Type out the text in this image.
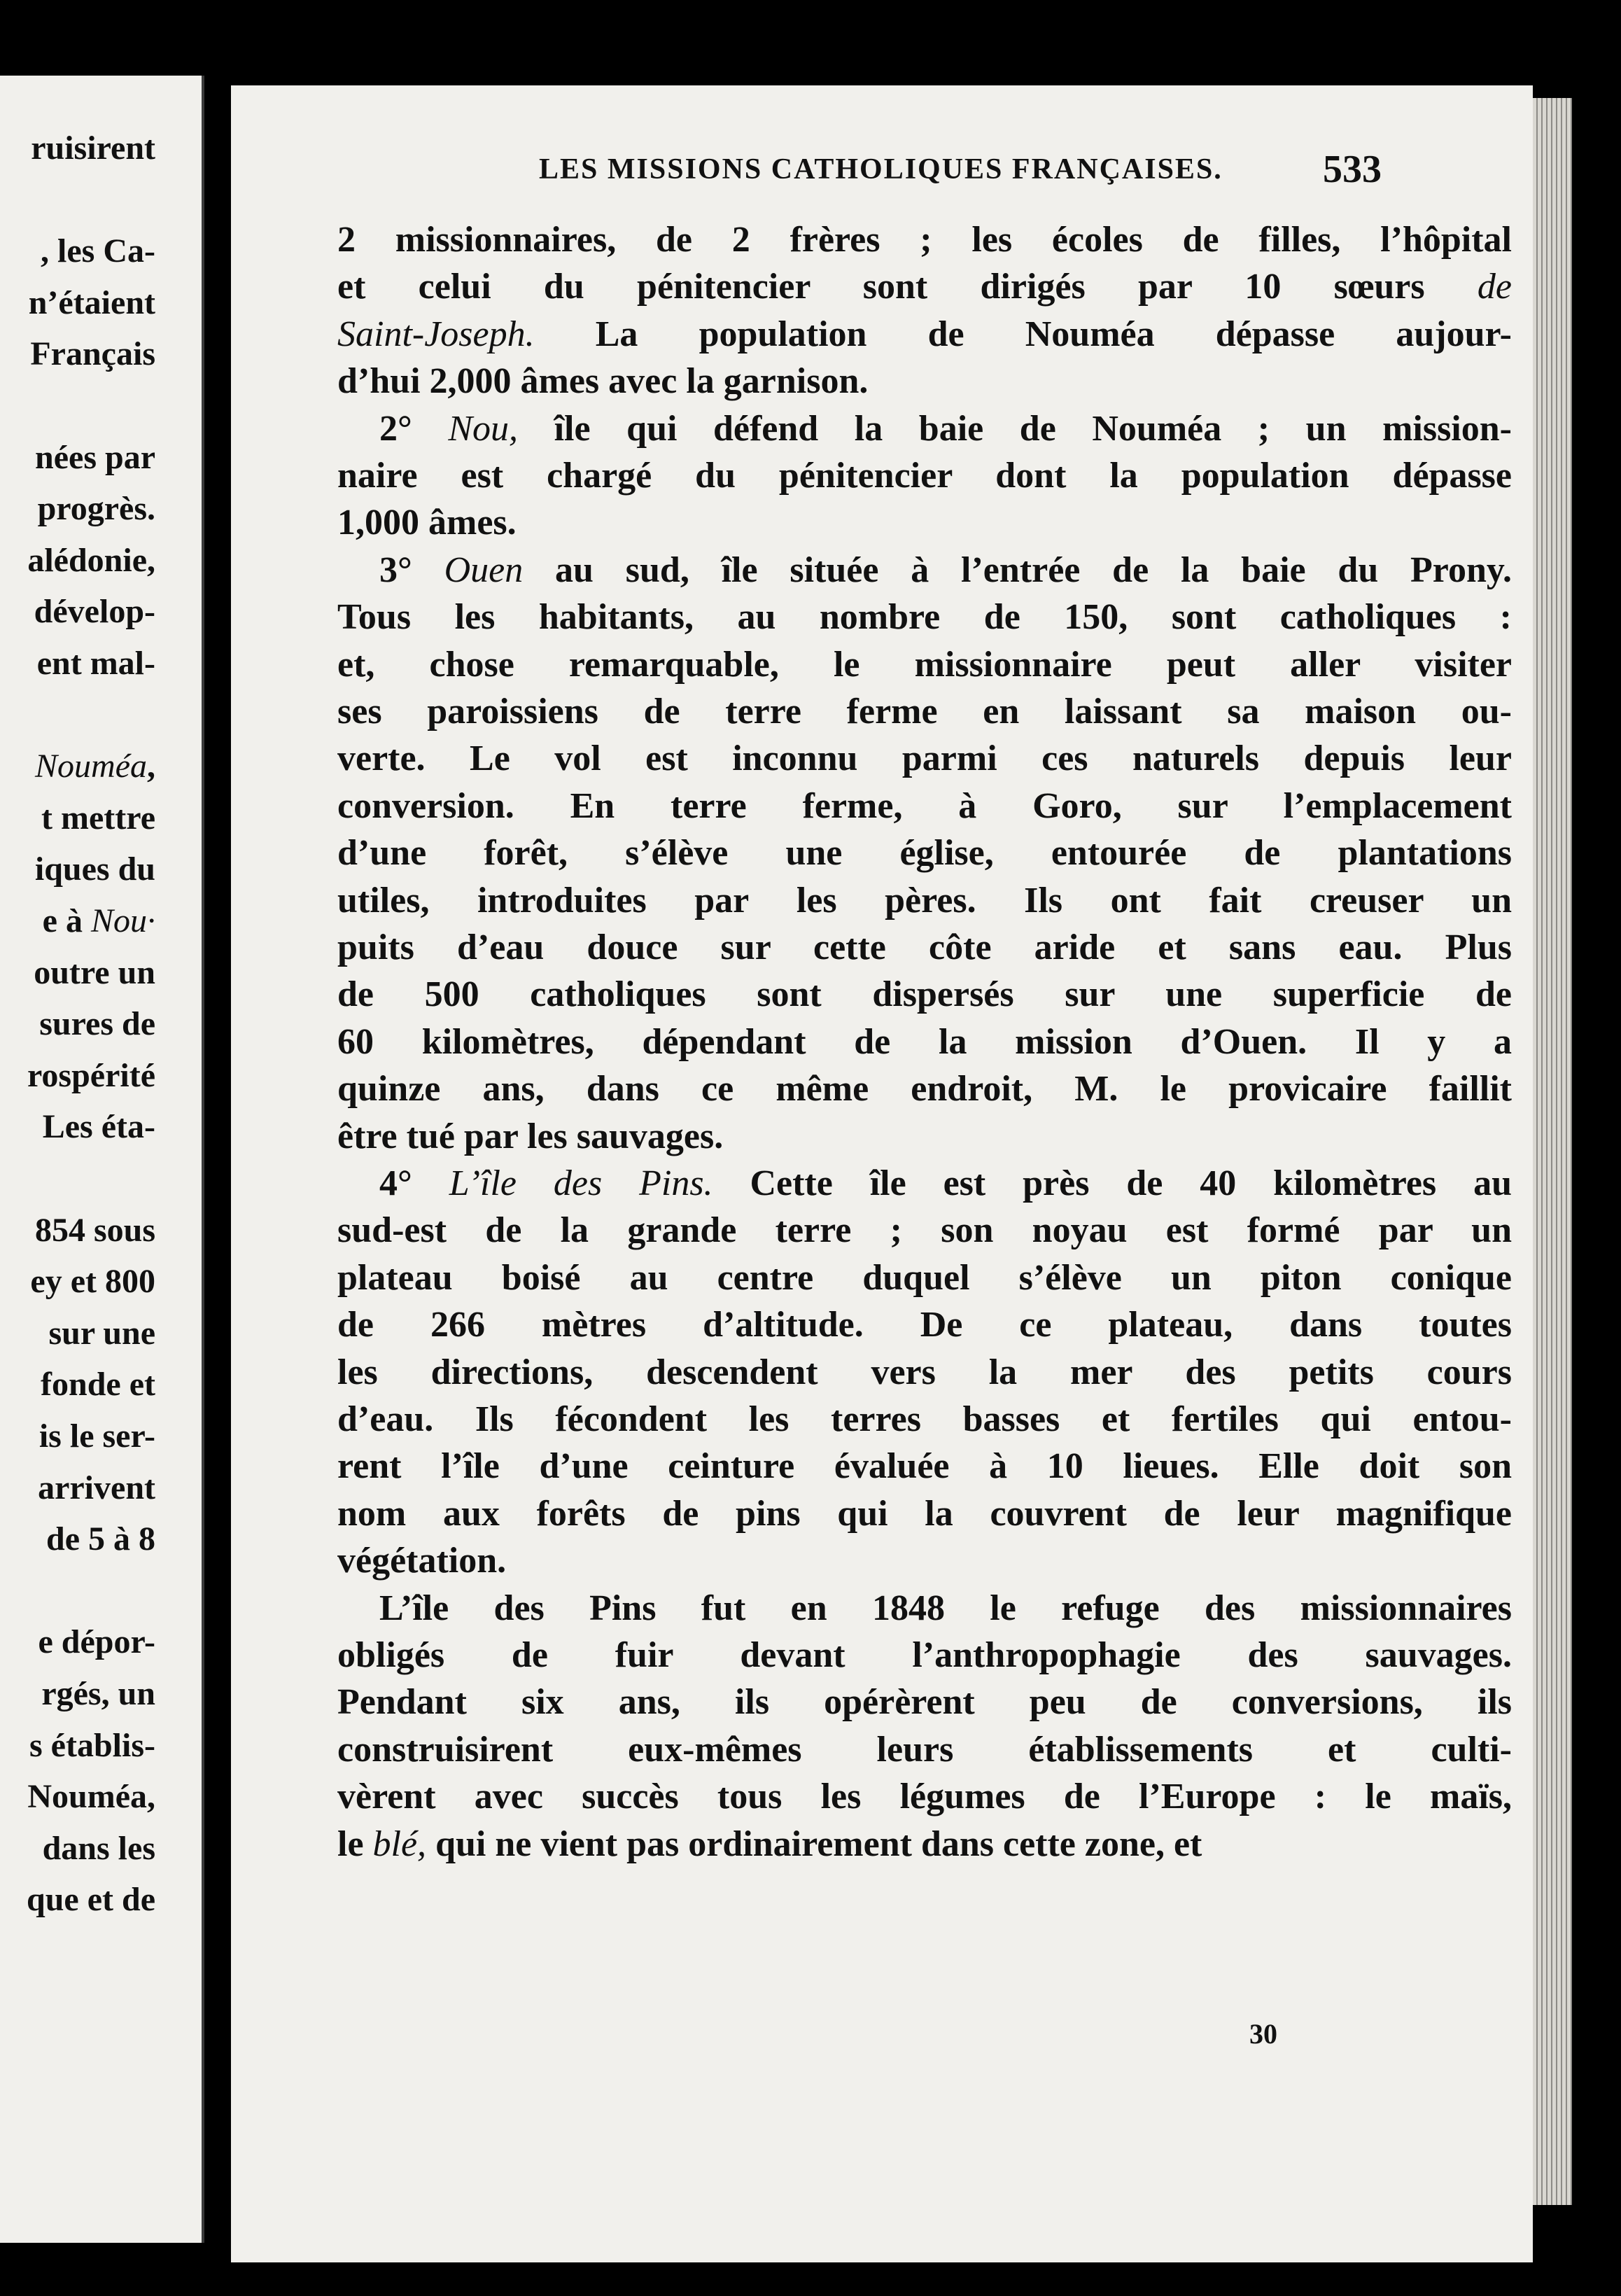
ruisirent
, les Ca-
n’étaient
Français
nées par
progrès.
alédonie,
dévelop-
ent mal-
Nouméa,
t mettre
iques du
e à Nou·
outre un
sures de
rospérité
Les éta-
854 sous
ey et 800
sur une
fonde et
is le ser-
arrivent
de 5 à 8
e dépor-
rgés, un
s établis-
Nouméa,
dans les
que et de
LES MISSIONS CATHOLIQUES FRANÇAISES.	533
2 missionnaires, de 2 frères ; les écoles de filles, l’hôpital
et celui du pénitencier sont dirigés par 10 sœurs de
Saint-Joseph. La population de Nouméa dépasse aujour-
d’hui 2,000 âmes avec la garnison.
2° Nou, île qui défend la baie de Nouméa ; un mission-
naire est chargé du pénitencier dont la population dépasse
1,000 âmes.
3° Ouen au sud, île située à l’entrée de la baie du Prony.
Tous les habitants, au nombre de 150, sont catholiques :
et, chose remarquable, le missionnaire peut aller visiter
ses paroissiens de terre ferme en laissant sa maison ou-
verte. Le vol est inconnu parmi ces naturels depuis leur
conversion. En terre ferme, à Goro, sur l’emplacement
d’une forêt, s’élève une église, entourée de plantations
utiles, introduites par les pères. Ils ont fait creuser un
puits d’eau douce sur cette côte aride et sans eau. Plus
de 500 catholiques sont dispersés sur une superficie de
60 kilomètres, dépendant de la mission d’Ouen. Il y a
quinze ans, dans ce même endroit, M. le provicaire faillit
être tué par les sauvages.
4° L’île des Pins. Cette île est près de 40 kilomètres au
sud-est de la grande terre ; son noyau est formé par un
plateau boisé au centre duquel s’élève un piton conique
de 266 mètres d’altitude. De ce plateau, dans toutes
les directions, descendent vers la mer des petits cours
d’eau. Ils fécondent les terres basses et fertiles qui entou-
rent l’île d’une ceinture évaluée à 10 lieues. Elle doit son
nom aux forêts de pins qui la couvrent de leur magnifique
végétation.
L’île des Pins fut en 1848 le refuge des missionnaires
obligés de fuir devant l’anthropophagie des sauvages.
Pendant six ans, ils opérèrent peu de conversions, ils
construisirent eux-mêmes leurs établissements et culti-
vèrent avec succès tous les légumes de l’Europe : le maïs,
le blé, qui ne vient pas ordinairement dans cette zone, et
30
